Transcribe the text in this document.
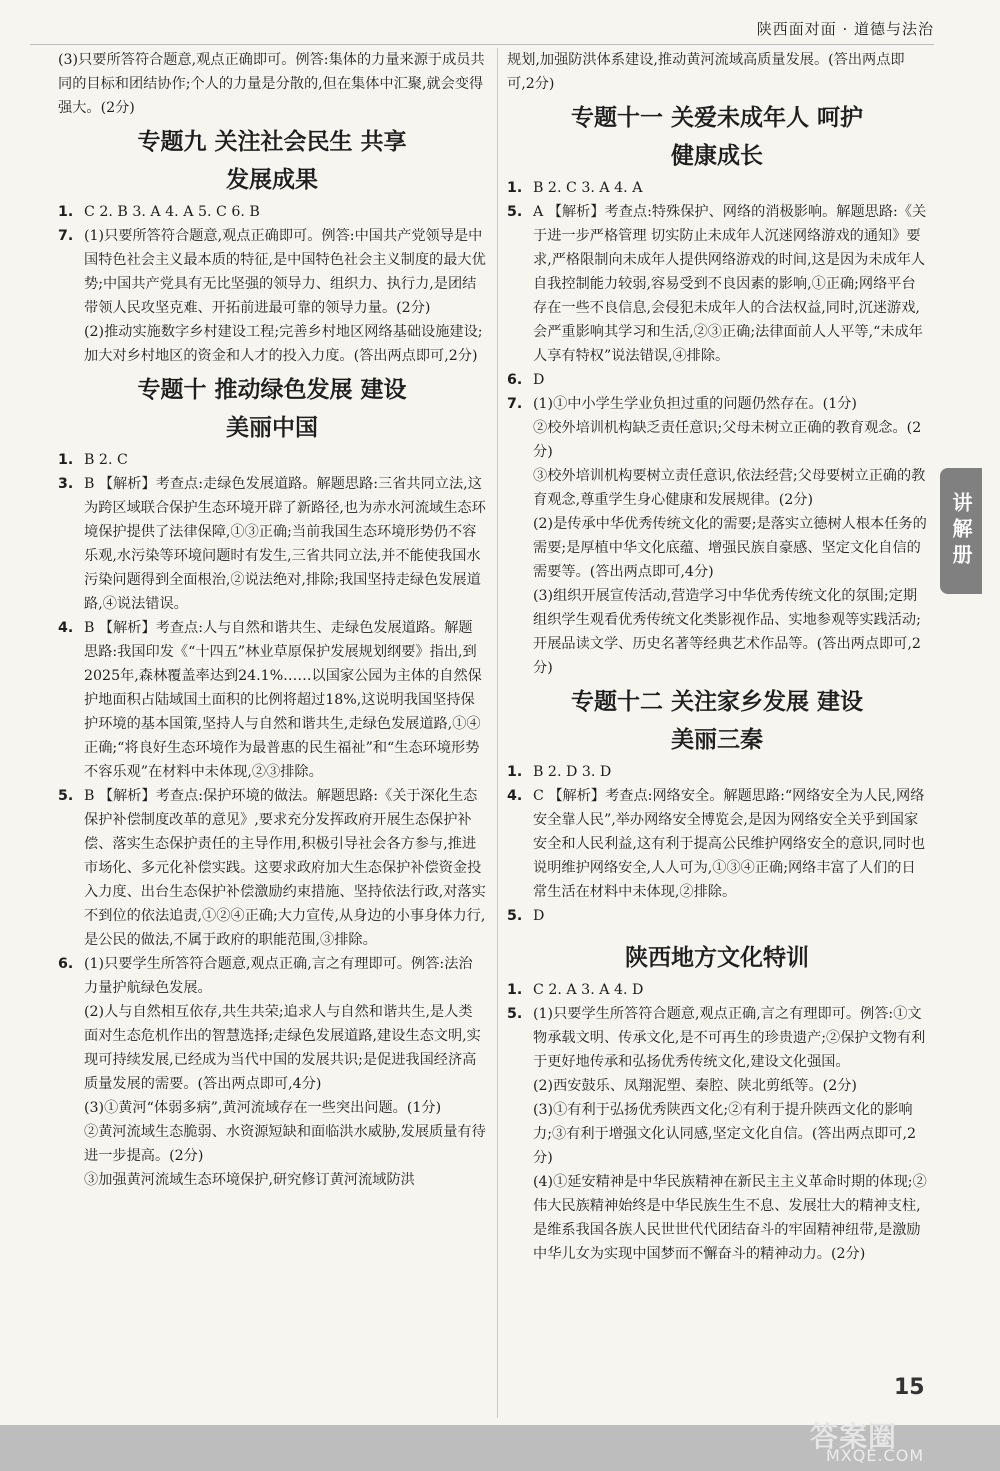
陕西面对面 · 道德与法治

(3)只要所答符合题意,观点正确即可。例答:集体的力量来源于成员共同的目标和团结协作;个人的力量是分散的,但在集体中汇聚,就会变得强大。(2分)

专题九 关注社会民生 共享
发展成果
1. C 2. B 3. A 4. A 5. C 6. B
7. (1)只要所答符合题意,观点正确即可。例答:中国共产党领导是中国特色社会主义最本质的特征,是中国特色社会主义制度的最大优势;中国共产党具有无比坚强的领导力、组织力、执行力,是团结带领人民攻坚克难、开拓前进最可靠的领导力量。(2分)

(2)推动实施数字乡村建设工程;完善乡村地区网络基础设施建设;加大对乡村地区的资金和人才的投入力度。(答出两点即可,2分)

专题十 推动绿色发展 建设
美丽中国
1. B 2. C
3. B 【解析】考查点:走绿色发展道路。解题思路:三省共同立法,这为跨区域联合保护生态环境开辟了新路径,也为赤水河流域生态环境保护提供了法律保障,①③正确;当前我国生态环境形势仍不容乐观,水污染等环境问题时有发生,三省共同立法,并不能使我国水污染问题得到全面根治,②说法绝对,排除;我国坚持走绿色发展道路,④说法错误。

4. B 【解析】考查点:人与自然和谐共生、走绿色发展道路。解题思路:我国印发《“十四五”林业草原保护发展规划纲要》指出,到2025年,森林覆盖率达到24.1%……以国家公园为主体的自然保护地面积占陆域国土面积的比例将超过18%,这说明我国坚持保护环境的基本国策,坚持人与自然和谐共生,走绿色发展道路,①④正确;“将良好生态环境作为最普惠的民生福祉”和“生态环境形势不容乐观”在材料中未体现,②③排除。

5. B 【解析】考查点:保护环境的做法。解题思路:《关于深化生态保护补偿制度改革的意见》,要求充分发挥政府开展生态保护补偿、落实生态保护责任的主导作用,积极引导社会各方参与,推进市场化、多元化补偿实践。这要求政府加大生态保护补偿资金投入力度、出台生态保护补偿激励约束措施、坚持依法行政,对落实不到位的依法追责,①②④正确;大力宣传,从身边的小事身体力行,是公民的做法,不属于政府的职能范围,③排除。

6. (1)只要学生所答符合题意,观点正确,言之有理即可。例答:法治力量护航绿色发展。

(2)人与自然相互依存,共生共荣;追求人与自然和谐共生,是人类面对生态危机作出的智慧选择;走绿色发展道路,建设生态文明,实现可持续发展,已经成为当代中国的发展共识;是促进我国经济高质量发展的需要。(答出两点即可,4分)

(3)①黄河“体弱多病”,黄河流域存在一些突出问题。(1分)

②黄河流域生态脆弱、水资源短缺和面临洪水威胁,发展质量有待进一步提高。(2分)

③加强黄河流域生态环境保护,研究修订黄河流域防洪

规划,加强防洪体系建设,推动黄河流域高质量发展。(答出两点即可,2分)

专题十一 关爱未成年人 呵护
健康成长
1. B 2. C 3. A 4. A
5. A 【解析】考查点:特殊保护、网络的消极影响。解题思路:《关于进一步严格管理 切实防止未成年人沉迷网络游戏的通知》要求,严格限制向未成年人提供网络游戏的时间,这是因为未成年人自我控制能力较弱,容易受到不良因素的影响,①正确;网络平台存在一些不良信息,会侵犯未成年人的合法权益,同时,沉迷游戏,会严重影响其学习和生活,②③正确;法律面前人人平等,“未成年人享有特权”说法错误,④排除。

6. D

7. (1)①中小学生学业负担过重的问题仍然存在。(1分)

②校外培训机构缺乏责任意识;父母未树立正确的教育观念。(2分)

③校外培训机构要树立责任意识,依法经营;父母要树立正确的教育观念,尊重学生身心健康和发展规律。(2分)

(2)是传承中华优秀传统文化的需要;是落实立德树人根本任务的需要;是厚植中华文化底蕴、增强民族自豪感、坚定文化自信的需要等。(答出两点即可,4分)

(3)组织开展宣传活动,营造学习中华优秀传统文化的氛围;定期组织学生观看优秀传统文化类影视作品、实地参观等实践活动;开展品读文学、历史名著等经典艺术作品等。(答出两点即可,2分)

专题十二 关注家乡发展 建设
美丽三秦
1. B 2. D 3. D
4. C 【解析】考查点:网络安全。解题思路:“网络安全为人民,网络安全靠人民”,举办网络安全博览会,是因为网络安全关乎到国家安全和人民利益,这有利于提高公民维护网络安全的意识,同时也说明维护网络安全,人人可为,①③④正确;网络丰富了人们的日常生活在材料中未体现,②排除。

5. D

陕西地方文化特训
1. C 2. A 3. A 4. D
5. (1)只要学生所答符合题意,观点正确,言之有理即可。例答:①文物承载文明、传承文化,是不可再生的珍贵遗产;②保护文物有利于更好地传承和弘扬优秀传统文化,建设文化强国。

(2)西安鼓乐、凤翔泥塑、秦腔、陕北剪纸等。(2分)

(3)①有利于弘扬优秀陕西文化;②有利于提升陕西文化的影响力;③有利于增强文化认同感,坚定文化自信。(答出两点即可,2分)

(4)①延安精神是中华民族精神在新民主主义革命时期的体现;②伟大民族精神始终是中华民族生生不息、发展壮大的精神支柱,是维系我国各族人民世世代代团结奋斗的牢固精神纽带,是激励中华儿女为实现中国梦而不懈奋斗的精神动力。(2分)

讲解册
15
答案圈
MXQE.COM
